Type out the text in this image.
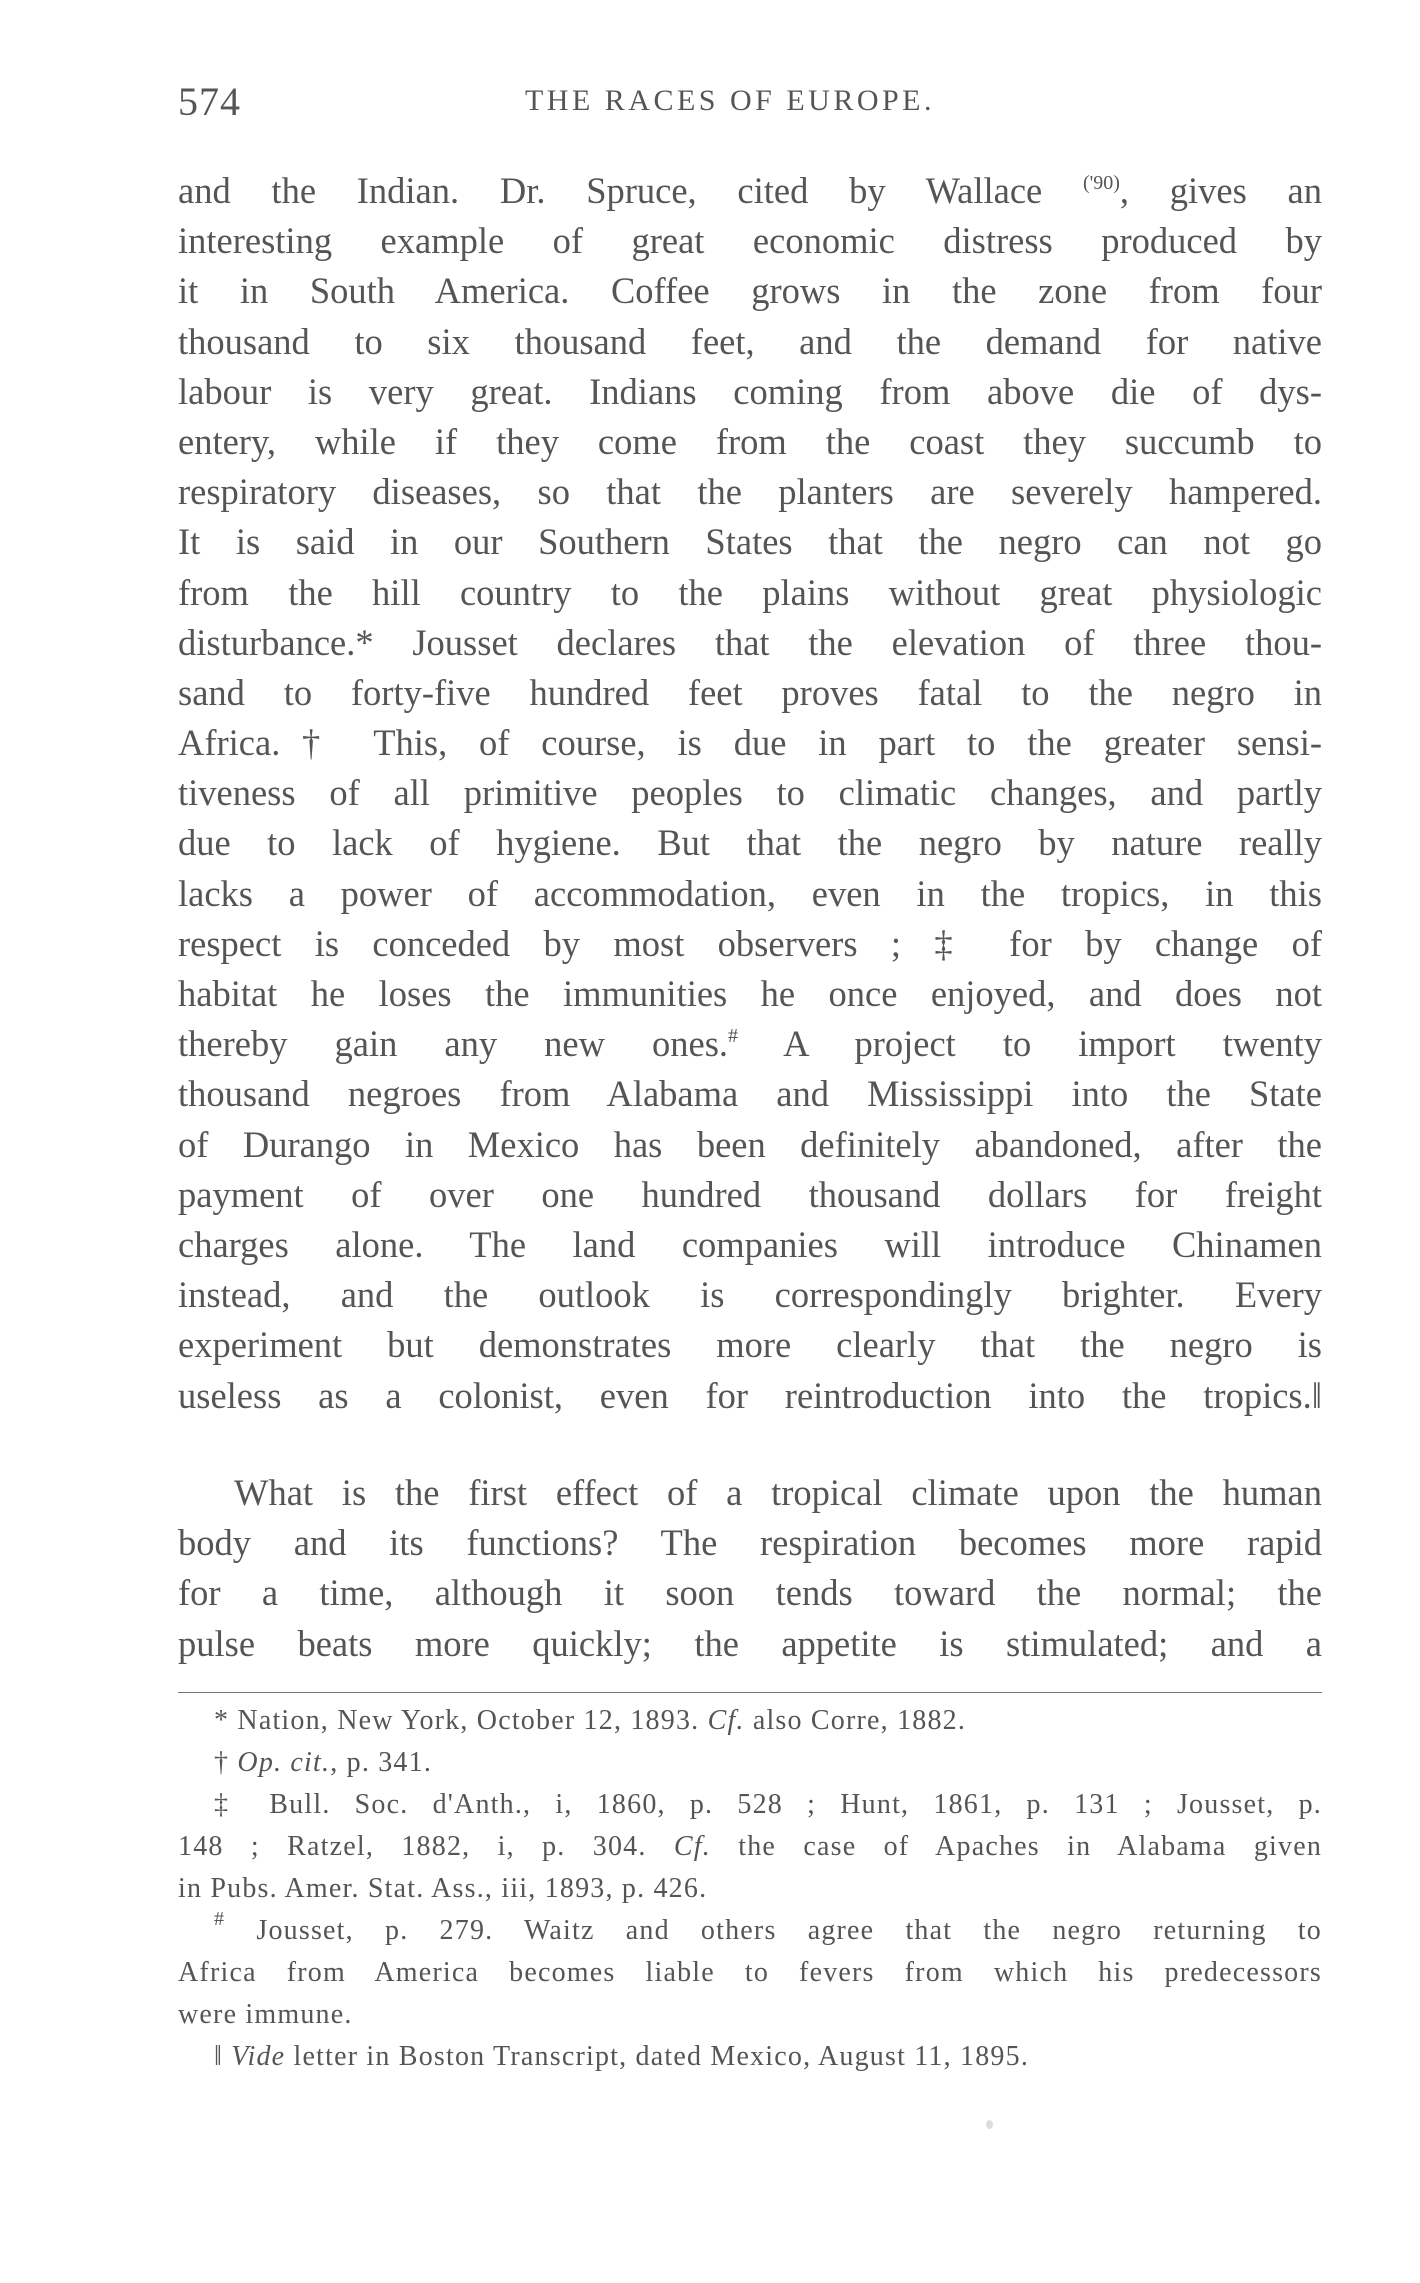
574	THE RACES OF EUROPE.
and the Indian. Dr. Spruce, cited by Wallace $^{('90)}$, gives an
interesting example of great economic distress produced by
it in South America. Coffee grows in the zone from four
thousand to six thousand feet, and the demand for native
labour is very great. Indians coming from above die of dys-
entery, while if they come from the coast they succumb to
respiratory diseases, so that the planters are severely hampered.
It is said in our Southern States that the negro can not go
from the hill country to the plains without great physiologic
disturbance.* Jousset declares that the elevation of three thou-
sand to forty-five hundred feet proves fatal to the negro in
Africa.† This, of course, is due in part to the greater sensi-
tiveness of all primitive peoples to climatic changes, and partly
due to lack of hygiene. But that the negro by nature really
lacks a power of accommodation, even in the tropics, in this
respect is conceded by most observers ; ‡ for by change of
habitat he loses the immunities he once enjoyed, and does not
thereby gain any new ones.# A project to import twenty
thousand negroes from Alabama and Mississippi into the State
of Durango in Mexico has been definitely abandoned, after the
payment of over one hundred thousand dollars for freight
charges alone. The land companies will introduce Chinamen
instead, and the outlook is correspondingly brighter. Every
experiment but demonstrates more clearly that the negro is
useless as a colonist, even for reintroduction into the tropics.‖
What is the first effect of a tropical climate upon the human
body and its functions? The respiration becomes more rapid
for a time, although it soon tends toward the normal; the
pulse beats more quickly; the appetite is stimulated; and a
* Nation, New York, October 12, 1893. Cf. also Corre, 1882.
† Op. cit., p. 341.
‡ Bull. Soc. d'Anth., i, 1860, p. 528 ; Hunt, 1861, p. 131 ; Jousset, p.
148 ; Ratzel, 1882, i, p. 304. Cf. the case of Apaches in Alabama given
in Pubs. Amer. Stat. Ass., iii, 1893, p. 426.
# Jousset, p. 279. Waitz and others agree that the negro returning to
Africa from America becomes liable to fevers from which his predecessors
were immune.
‖ Vide letter in Boston Transcript, dated Mexico, August 11, 1895.
